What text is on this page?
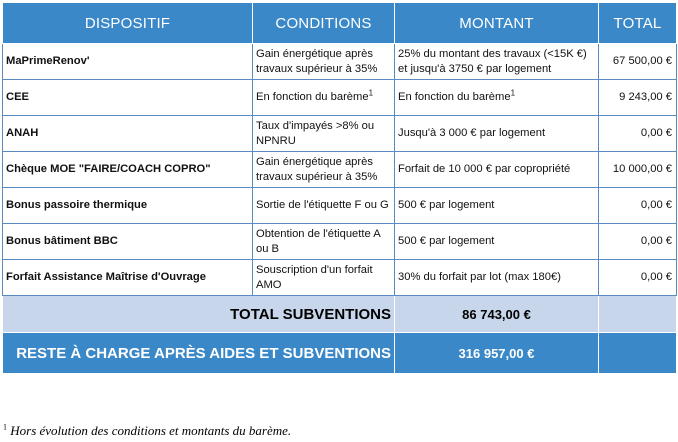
DISPOSITIF	CONDITIONS	MONTANT	TOTAL
MaPrimeRenov'	Gain énergétique après travaux supérieur à 35%	25% du montant des travaux (<15K €) et jusqu'à 3750 € par logement	67 500,00 €
CEE	En fonction du barème$^1$	En fonction du barème$^1$	9 243,00 €
ANAH	Taux d'impayés >8% ou NPNRU	Jusqu'à 3 000 € par logement	0,00 €
Chèque MOE "FAIRE/COACH COPRO"	Gain énergétique après travaux supérieur à 35%	Forfait de 10 000 € par copropriété	10 000,00 €
Bonus passoire thermique	Sortie de l'étiquette F ou G	500 € par logement	0,00 €
Bonus bâtiment BBC	Obtention de l'étiquette A ou B	500 € par logement	0,00 €
Forfait Assistance Maîtrise d'Ouvrage	Souscription d'un forfait AMO	30% du forfait par lot (max 180€)	0,00 €
TOTAL SUBVENTIONS		86 743,00 €	
RESTE À CHARGE APRÈS AIDES ET SUBVENTIONS		316 957,00 €	
$^1$ Hors évolution des conditions et montants du barème.
